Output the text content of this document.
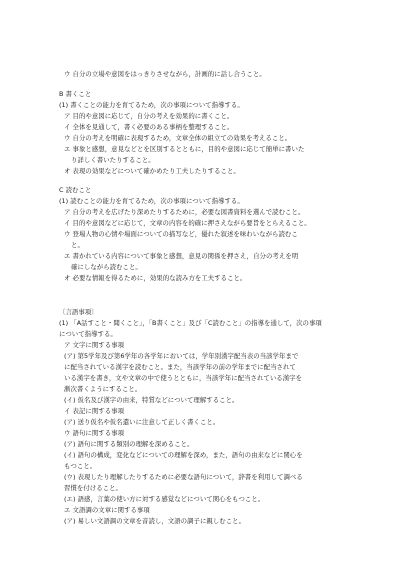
ウ 自分の立場や意図をはっきりさせながら，計画的に話し合うこと。
B 書くこと
(1) 書くことの能力を育てるため，次の事項について指導する。
ア 目的や意図に応じて，自分の考えを効果的に書くこと。
イ 全体を見通して，書く必要のある事柄を整理すること。
ウ 自分の考えを明確に表現するため，文章全体の組立ての効果を考えること。
エ 事象と感想，意見などとを区別するとともに，目的や意図に応じて簡単に書いた
り詳しく書いたりすること。
オ 表現の効果などについて確かめたり工夫したりすること。
C 読むこと
(1) 読むことの能力を育てるため，次の事項について指導する。
ア 自分の考えを広げたり深めたりするために，必要な図書資料を選んで読むこと。
イ 目的や意図などに応じて，文章の内容を的確に押さえながら要旨をとらえること。
ウ 登場人物の心情や場面についての描写など，優れた叙述を味わいながら読むこ
と。
エ 書かれている内容について事象と感想，意見の関係を押さえ，自分の考えを明
確にしながら読むこと。
オ 必要な情報を得るために，効果的な読み方を工夫すること。
〔言語事項〕
(1) 「A話すこと・聞くこと」，「B書くこと」及び「C読むこと」の指導を通して，次の事項
について指導する。
ア 文字に関する事項
(ア) 第5学年及び第6学年の各学年においては，学年別漢字配当表の当該学年まで
に配当されている漢字を読むこと。また，当該学年の前の学年までに配当されて
いる漢字を書き，文や文章の中で使うとともに，当該学年に配当されている漢字を
漸次書くようにすること。
(イ) 仮名及び漢字の由来，特質などについて理解すること。
イ 表記に関する事項
(ア) 送り仮名や仮名遣いに注意して正しく書くこと。
ウ 語句に関する事項
(ア) 語句に関する類別の理解を深めること。
(イ) 語句の構成，変化などについての理解を深め，また，語句の由来などに関心を
もつこと。
(ウ) 表現したり理解したりするために必要な語句について，辞書を利用して調べる
習慣を付けること。
(エ) 語感，言葉の使い方に対する感覚などについて関心をもつこと。
エ 文語調の文章に関する事項
(ア) 易しい文語調の文章を音読し，文語の調子に親しむこと。
